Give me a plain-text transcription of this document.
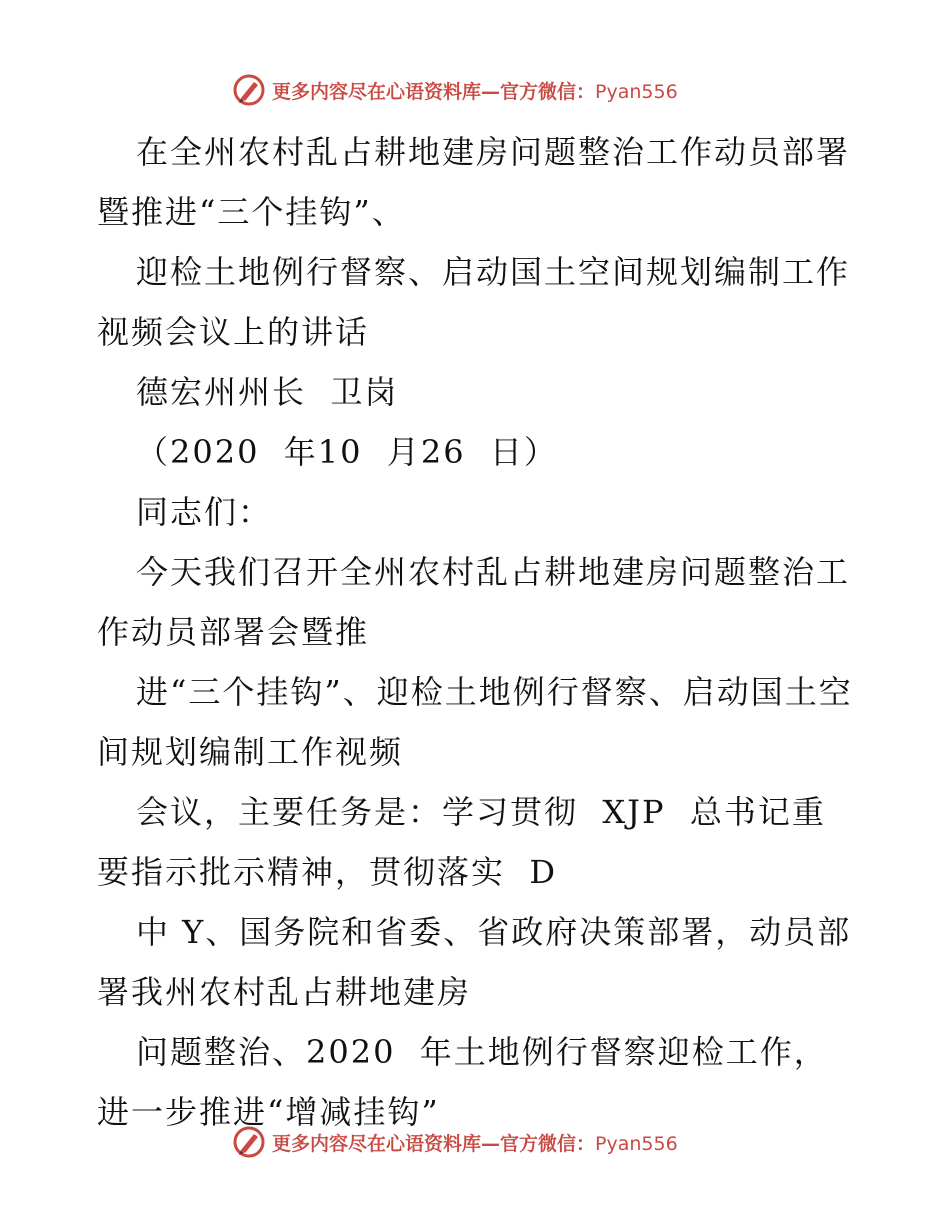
更多内容尽在心语资料库—官方微信：Pyan556

在全州农村乱占耕地建房问题整治工作动员部署暨推进“三个挂钩”、

迎检土地例行督察、启动国土空间规划编制工作视频会议上的讲话

德宏州州长  卫岗

（2020  年10  月26  日）

同志们：

今天我们召开全州农村乱占耕地建房问题整治工作动员部署会暨推

进“三个挂钩”、迎检土地例行督察、启动国土空间规划编制工作视频

会议，主要任务是：学习贯彻  XJP  总书记重要指示批示精神，贯彻落实  D

中 Y、国务院和省委、省政府决策部署，动员部署我州农村乱占耕地建房

问题整治、2020  年土地例行督察迎检工作，进一步推进“增减挂钩”

更多内容尽在心语资料库—官方微信：Pyan556
